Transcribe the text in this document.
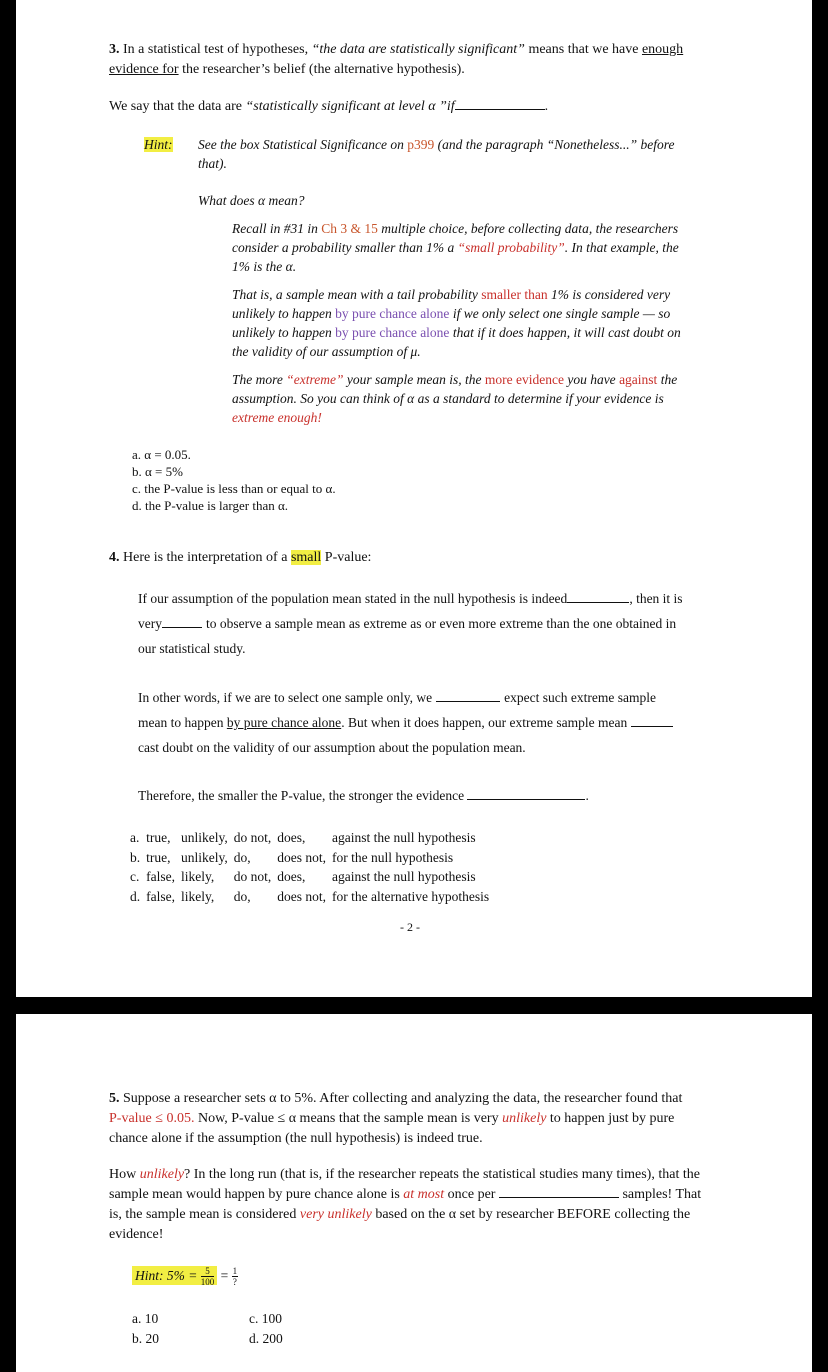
3. In a statistical test of hypotheses, “the data are statistically significant” means that we have enough
evidence for the researcher’s belief (the alternative hypothesis).
We say that the data are “statistically significant at level α ”if	.
Hint: See the box Statistical Significance on p399 (and the paragraph “Nonetheless...” before
that).
What does α mean?
Recall in #31 in Ch 3 & 15 multiple choice, before collecting data, the researchers
consider a probability smaller than 1% a “small probability”. In that example, the
1% is the α.
That is, a sample mean with a tail probability smaller than 1% is considered very
unlikely to happen by pure chance alone if we only select one single sample — so
unlikely to happen by pure chance alone that if it does happen, it will cast doubt on
the validity of our assumption of μ.
The more “extreme” your sample mean is, the more evidence you have against the
assumption. So you can think of α as a standard to determine if your evidence is
extreme enough!
a. α = 0.05.
b. α = 5%
c. the P-value is less than or equal to α.
d. the P-value is larger than α.
4. Here is the interpretation of a small P-value:
If our assumption of the population mean stated in the null hypothesis is indeed	, then it is
very	to observe a sample mean as extreme as or even more extreme than the one obtained in
our statistical study.
In other words, if we are to select one sample only, we	expect such extreme sample
mean to happen by pure chance alone. But when it does happen, our extreme sample mean
cast doubt on the validity of our assumption about the population mean.
Therefore, the smaller the P-value, the stronger the evidence	.
a.	true,	unlikely,	do not,	does,	against the null hypothesis
b.	true,	unlikely,	do,	does not,	for the null hypothesis
c.	false,	likely,	do not,	does,	against the null hypothesis
d.	false,	likely,	do,	does not,	for the alternative hypothesis
- 2 -
5. Suppose a researcher sets α to 5%. After collecting and analyzing the data, the researcher found that
P-value ≤ 0.05. Now, P-value ≤ α means that the sample mean is very unlikely to happen just by pure
chance alone if the assumption (the null hypothesis) is indeed true.
How unlikely? In the long run (that is, if the researcher repeats the statistical studies many times), that the
sample mean would happen by pure chance alone is at most once per	samples! That
is, the sample mean is considered very unlikely based on the α set by researcher BEFORE collecting the
evidence!
Hint: $5\% = \frac{5}{100} = \frac{1}{?}$
a. 10
b. 20
c. 100
d. 200
